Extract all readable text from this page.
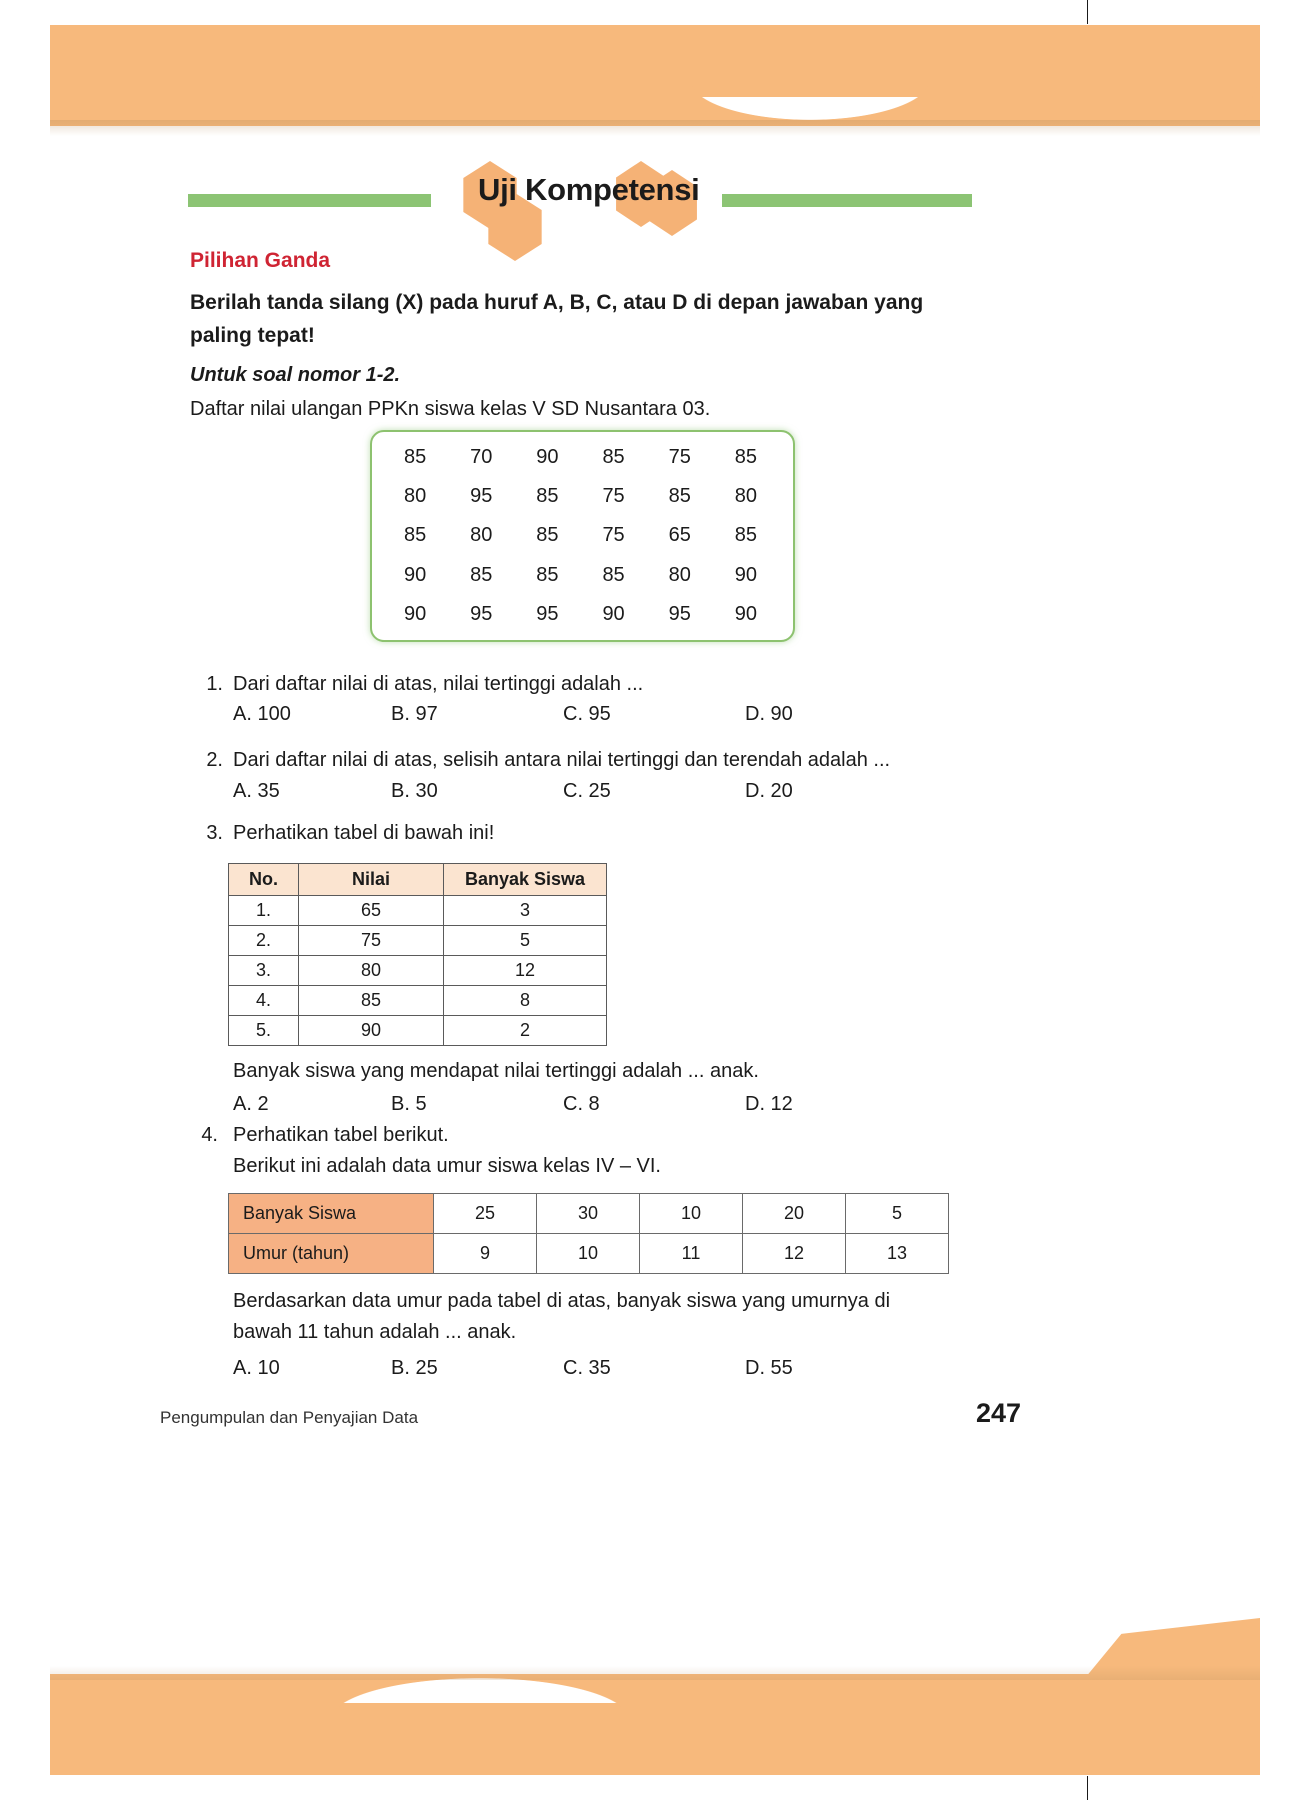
Uji Kompetensi
Pilihan Ganda
Berilah tanda silang (X) pada huruf A, B, C, atau D di depan jawaban yang paling tepat!
Untuk soal nomor 1-2.
Daftar nilai ulangan PPKn siswa kelas V SD Nusantara 03.
85 70 90 85 75 85
80 95 85 75 85 80
85 80 85 75 65 85
90 85 85 85 80 90
90 95 95 90 95 90
1. Dari daftar nilai di atas, nilai tertinggi adalah ...
A. 100	B. 97	C. 95	D. 90
2. Dari daftar nilai di atas, selisih antara nilai tertinggi dan terendah adalah ...
A. 35	B. 30	C. 25	D. 20
3. Perhatikan tabel di bawah ini!
No.	Nilai	Banyak Siswa
1.	65	3
2.	75	5
3.	80	12
4.	85	8
5.	90	2
Banyak siswa yang mendapat nilai tertinggi adalah ... anak.
A. 2	B. 5	C. 8	D. 12
4. Perhatikan tabel berikut.
Berikut ini adalah data umur siswa kelas IV – VI.
Banyak Siswa	25	30	10	20	5
Umur (tahun)	9	10	11	12	13
Berdasarkan data umur pada tabel di atas, banyak siswa yang umurnya di bawah 11 tahun adalah ... anak.
A. 10	B. 25	C. 35	D. 55
Pengumpulan dan Penyajian Data	247
